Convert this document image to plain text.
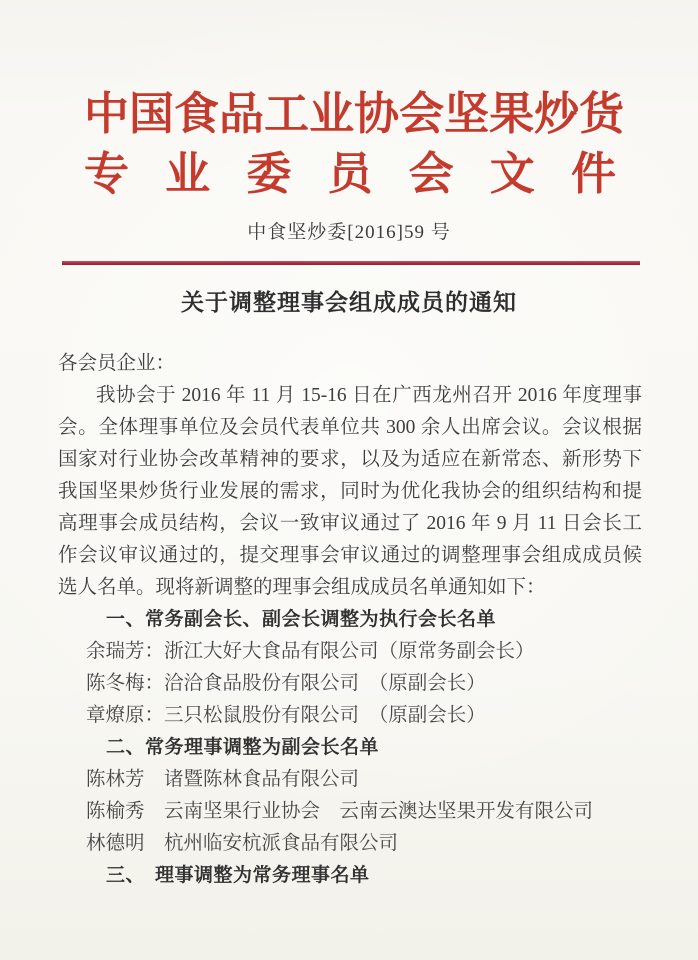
中 国 食 品 工 业 协 会 坚 果 炒 货
专 业 委 员 会 文 件
中食坚炒委[2016]59 号
关于调整理事会组成成员的通知
各会员企业：
我协会于 2016 年 11 月 15-16 日在广西龙州召开 2016 年度理事
会。全体理事单位及会员代表单位共 300 余人出席会议。会议根据
国家对行业协会改革精神的要求，以及为适应在新常态、新形势下
我国坚果炒货行业发展的需求，同时为优化我协会的组织结构和提
高理事会成员结构，会议一致审议通过了 2016 年 9 月 11 日会长工
作会议审议通过的，提交理事会审议通过的调整理事会组成成员候
选人名单。现将新调整的理事会组成成员名单通知如下：
一、常务副会长、副会长调整为执行会长名单
余瑞芳：浙江大好大食品有限公司（原常务副会长）
陈冬梅：洽洽食品股份有限公司　（原副会长）
章燎原：三只松鼠股份有限公司　（原副会长）
二、常务理事调整为副会长名单
陈林芳　诸暨陈林食品有限公司
陈榆秀　云南坚果行业协会　云南云澳达坚果开发有限公司
林德明　杭州临安杭派食品有限公司
三、　理事调整为常务理事名单
